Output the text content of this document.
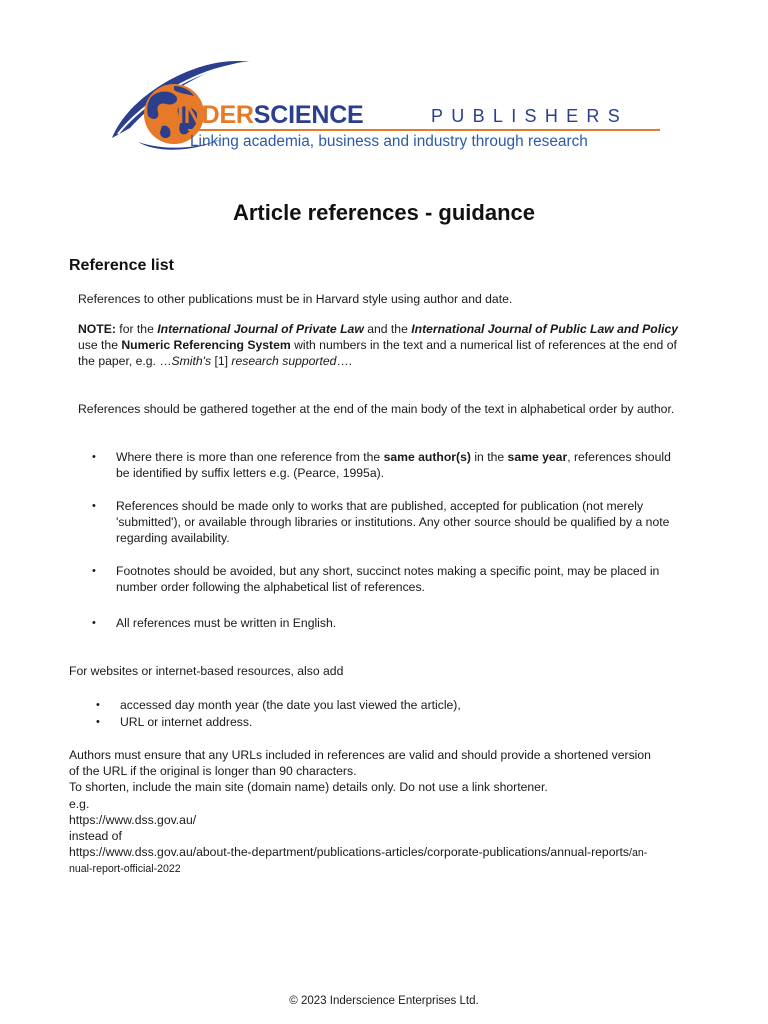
INDERSCIENCE	PUBLISHERS
Linking academia, business and industry through research
Article references - guidance
Reference list
References to other publications must be in Harvard style using author and date.
NOTE: for the International Journal of Private Law and the International Journal of Public Law and Policy use the Numeric Referencing System with numbers in the text and a numerical list of references at the end of the paper, e.g. …Smith's [1] research supported….
References should be gathered together at the end of the main body of the text in alphabetical order by author.
• Where there is more than one reference from the same author(s) in the same year, references should be identified by suffix letters e.g. (Pearce, 1995a).
• References should be made only to works that are published, accepted for publication (not merely 'submitted'), or available through libraries or institutions. Any other source should be qualified by a note regarding availability.
• Footnotes should be avoided, but any short, succinct notes making a specific point, may be placed in number order following the alphabetical list of references.
• All references must be written in English.
For websites or internet-based resources, also add
• accessed day month year (the date you last viewed the article),
• URL or internet address.
Authors must ensure that any URLs included in references are valid and should provide a shortened version
of the URL if the original is longer than 90 characters.
To shorten, include the main site (domain name) details only. Do not use a link shortener.
e.g.
https://www.dss.gov.au/
instead of
https://www.dss.gov.au/about-the-department/publications-articles/corporate-publications/annual-reports/an-
nual-report-official-2022
© 2023 Inderscience Enterprises Ltd.
